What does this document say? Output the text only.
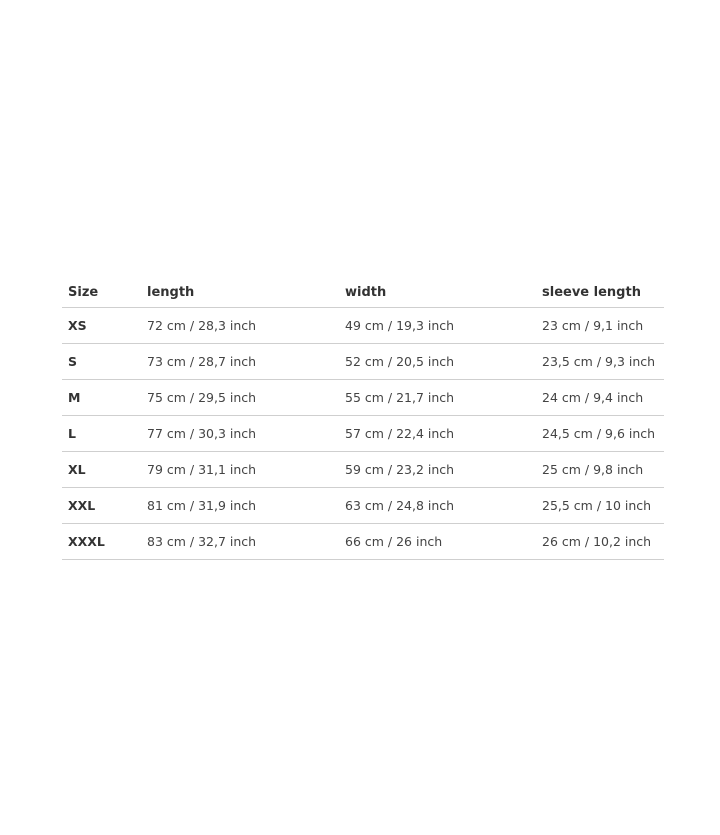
Size	length	width	sleeve length
XS	72 cm / 28,3 inch	49 cm / 19,3 inch	23 cm / 9,1 inch
S	73 cm / 28,7 inch	52 cm / 20,5 inch	23,5 cm / 9,3 inch
M	75 cm / 29,5 inch	55 cm / 21,7 inch	24 cm / 9,4 inch
L	77 cm / 30,3 inch	57 cm / 22,4 inch	24,5 cm / 9,6 inch
XL	79 cm / 31,1 inch	59 cm / 23,2 inch	25 cm / 9,8 inch
XXL	81 cm / 31,9 inch	63 cm / 24,8 inch	25,5 cm / 10 inch
XXXL	83 cm / 32,7 inch	66 cm / 26 inch	26 cm / 10,2 inch
